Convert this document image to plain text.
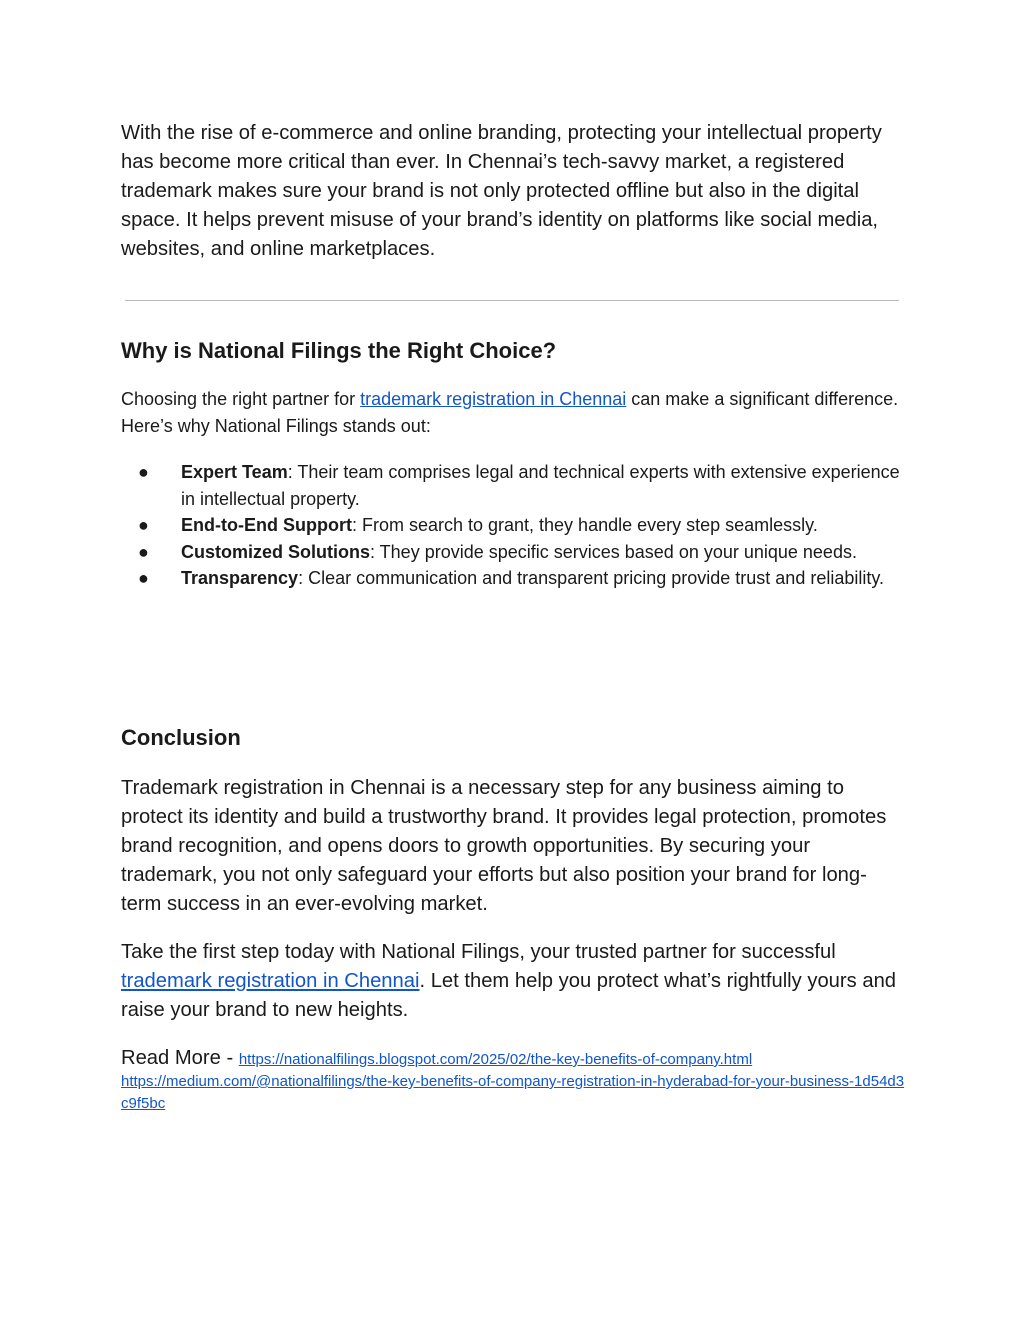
With the rise of e-commerce and online branding, protecting your intellectual property has become more critical than ever. In Chennai’s tech-savvy market, a registered trademark makes sure your brand is not only protected offline but also in the digital space. It helps prevent misuse of your brand’s identity on platforms like social media, websites, and online marketplaces.

Why is National Filings the Right Choice?

Choosing the right partner for trademark registration in Chennai can make a significant difference. Here’s why National Filings stands out:

● Expert Team: Their team comprises legal and technical experts with extensive experience in intellectual property.
● End-to-End Support: From search to grant, they handle every step seamlessly.
● Customized Solutions: They provide specific services based on your unique needs.
● Transparency: Clear communication and transparent pricing provide trust and reliability.
Conclusion

Trademark registration in Chennai is a necessary step for any business aiming to protect its identity and build a trustworthy brand. It provides legal protection, promotes brand recognition, and opens doors to growth opportunities. By securing your trademark, you not only safeguard your efforts but also position your brand for long-term success in an ever-evolving market.

Take the first step today with National Filings, your trusted partner for successful trademark registration in Chennai. Let them help you protect what’s rightfully yours and raise your brand to new heights.

Read More - https://nationalfilings.blogspot.com/2025/02/the-key-benefits-of-company.html
https://medium.com/@nationalfilings/the-key-benefits-of-company-registration-in-hyderabad-for-your-business-1d54d3c9f5bc
